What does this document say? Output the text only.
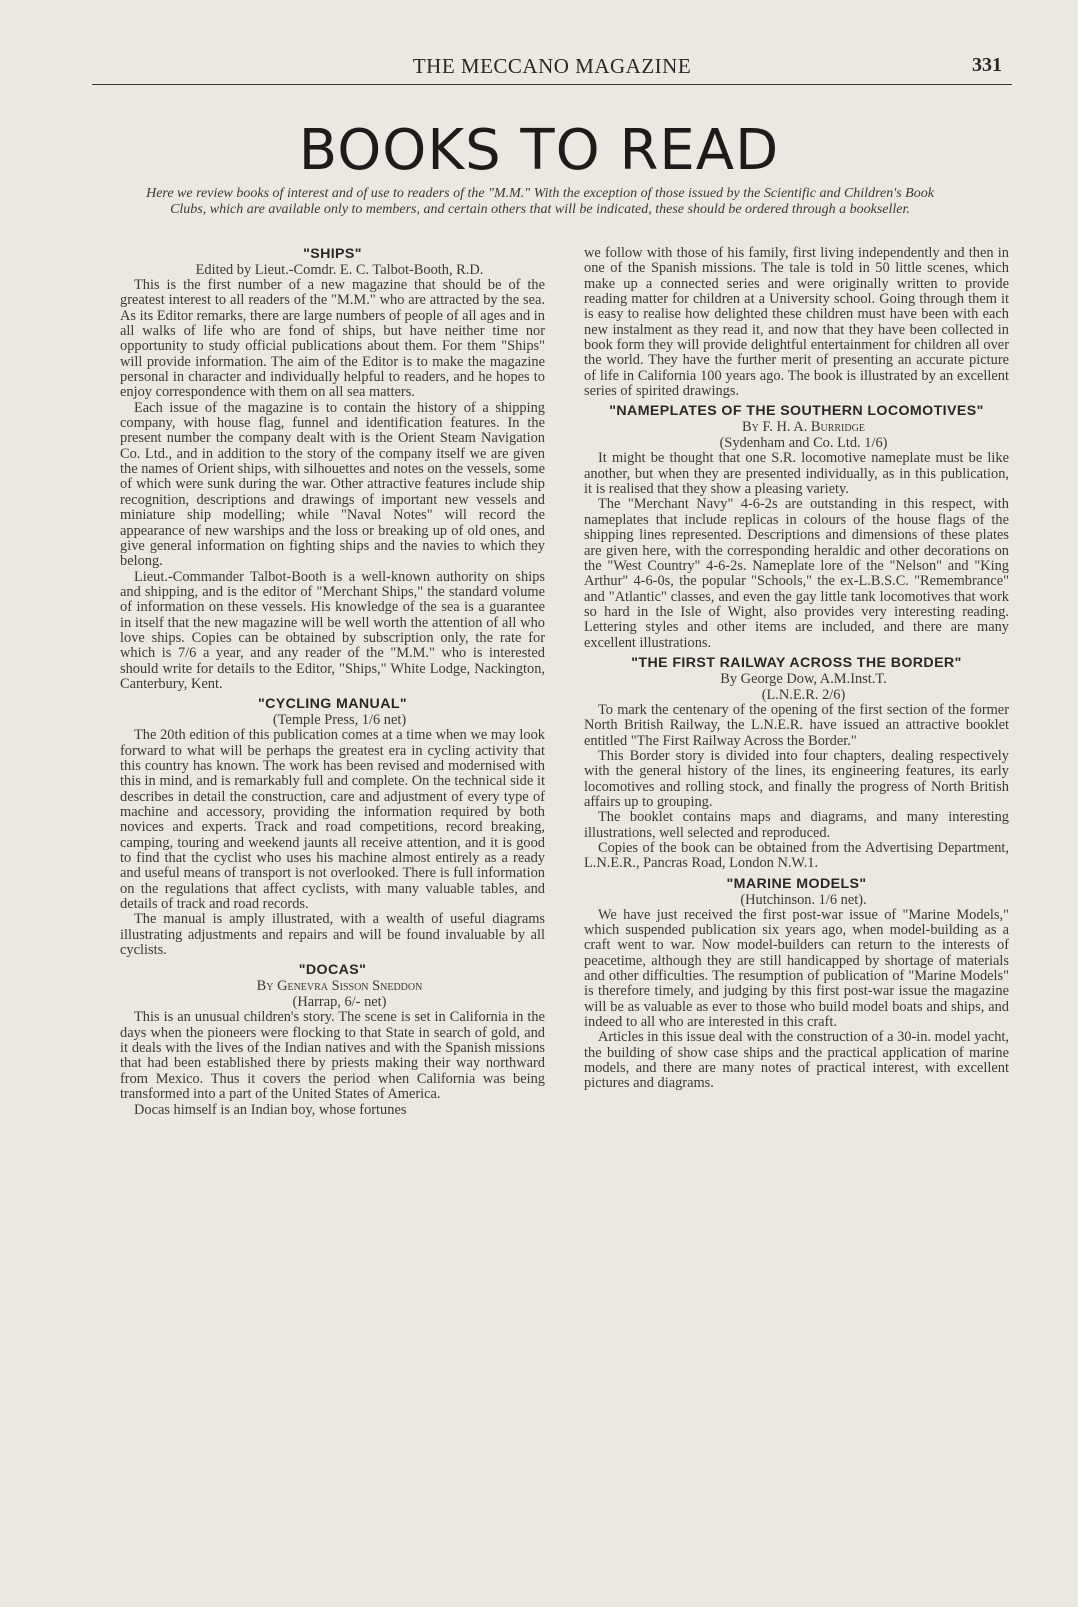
THE MECCANO MAGAZINE	331
BOOKS TO READ
Here we review books of interest and of use to readers of the "M.M." With the exception of those issued by the Scientific and Children's Book Clubs, which are available only to members, and certain others that will be indicated, these should be ordered through a bookseller.
"SHIPS"

Edited by Lieut.-Comdr. E. C. Talbot-Booth, R.D.

This is the first number of a new magazine that should be of the greatest interest to all readers of the "M.M." who are attracted by the sea. As its Editor remarks, there are large numbers of people of all ages and in all walks of life who are fond of ships, but have neither time nor opportunity to study official publications about them. For them "Ships" will provide information. The aim of the Editor is to make the magazine personal in character and individually helpful to readers, and he hopes to enjoy correspondence with them on all sea matters.

Each issue of the magazine is to contain the history of a shipping company, with house flag, funnel and identification features. In the present number the company dealt with is the Orient Steam Navigation Co. Ltd., and in addition to the story of the company itself we are given the names of Orient ships, with silhouettes and notes on the vessels, some of which were sunk during the war. Other attractive features include ship recognition, descriptions and drawings of important new vessels and miniature ship modelling; while "Naval Notes" will record the appearance of new warships and the loss or breaking up of old ones, and give general information on fighting ships and the navies to which they belong.

Lieut.-Commander Talbot-Booth is a well-known authority on ships and shipping, and is the editor of "Merchant Ships," the standard volume of information on these vessels. His knowledge of the sea is a guarantee in itself that the new magazine will be well worth the attention of all who love ships. Copies can be obtained by subscription only, the rate for which is 7/6 a year, and any reader of the "M.M." who is interested should write for details to the Editor, "Ships," White Lodge, Nackington, Canterbury, Kent.

"CYCLING MANUAL"

(Temple Press, 1/6 net)

The 20th edition of this publication comes at a time when we may look forward to what will be perhaps the greatest era in cycling activity that this country has known. The work has been revised and modernised with this in mind, and is remarkably full and complete. On the technical side it describes in detail the construction, care and adjustment of every type of machine and accessory, providing the information required by both novices and experts. Track and road competitions, record breaking, camping, touring and weekend jaunts all receive attention, and it is good to find that the cyclist who uses his machine almost entirely as a ready and useful means of transport is not overlooked. There is full information on the regulations that affect cyclists, with many valuable tables, and details of track and road records.

The manual is amply illustrated, with a wealth of useful diagrams illustrating adjustments and repairs and will be found invaluable by all cyclists.

"DOCAS"

By Genevra Sisson Sneddon

(Harrap, 6/- net)

This is an unusual children's story. The scene is set in California in the days when the pioneers were flocking to that State in search of gold, and it deals with the lives of the Indian natives and with the Spanish missions that had been established there by priests making their way northward from Mexico. Thus it covers the period when California was being transformed into a part of the United States of America.

Docas himself is an Indian boy, whose fortunes

we follow with those of his family, first living independently and then in one of the Spanish missions. The tale is told in 50 little scenes, which make up a connected series and were originally written to provide reading matter for children at a University school. Going through them it is easy to realise how delighted these children must have been with each new instalment as they read it, and now that they have been collected in book form they will provide delightful entertainment for children all over the world. They have the further merit of presenting an accurate picture of life in California 100 years ago. The book is illustrated by an excellent series of spirited drawings.

"NAMEPLATES OF THE SOUTHERN LOCOMOTIVES"

By F. H. A. Burridge

(Sydenham and Co. Ltd. 1/6)

It might be thought that one S.R. locomotive nameplate must be like another, but when they are presented individually, as in this publication, it is realised that they show a pleasing variety.

The "Merchant Navy" 4-6-2s are outstanding in this respect, with nameplates that include replicas in colours of the house flags of the shipping lines represented. Descriptions and dimensions of these plates are given here, with the corresponding heraldic and other decorations on the "West Country" 4-6-2s. Nameplate lore of the "Nelson" and "King Arthur" 4-6-0s, the popular "Schools," the ex-L.B.S.C. "Remembrance" and "Atlantic" classes, and even the gay little tank locomotives that work so hard in the Isle of Wight, also provides very interesting reading. Lettering styles and other items are included, and there are many excellent illustrations.

"THE FIRST RAILWAY ACROSS THE BORDER"

By George Dow, A.M.Inst.T.

(L.N.E.R. 2/6)

To mark the centenary of the opening of the first section of the former North British Railway, the L.N.E.R. have issued an attractive booklet entitled "The First Railway Across the Border."

This Border story is divided into four chapters, dealing respectively with the general history of the lines, its engineering features, its early locomotives and rolling stock, and finally the progress of North British affairs up to grouping.

The booklet contains maps and diagrams, and many interesting illustrations, well selected and reproduced.

Copies of the book can be obtained from the Advertising Department, L.N.E.R., Pancras Road, London N.W.1.

"MARINE MODELS"

(Hutchinson. 1/6 net).

We have just received the first post-war issue of "Marine Models," which suspended publication six years ago, when model-building as a craft went to war. Now model-builders can return to the interests of peacetime, although they are still handicapped by shortage of materials and other difficulties. The resumption of publication of "Marine Models" is therefore timely, and judging by this first post-war issue the magazine will be as valuable as ever to those who build model boats and ships, and indeed to all who are interested in this craft.

Articles in this issue deal with the construction of a 30-in. model yacht, the building of show case ships and the practical application of marine models, and there are many notes of practical interest, with excellent pictures and diagrams.
